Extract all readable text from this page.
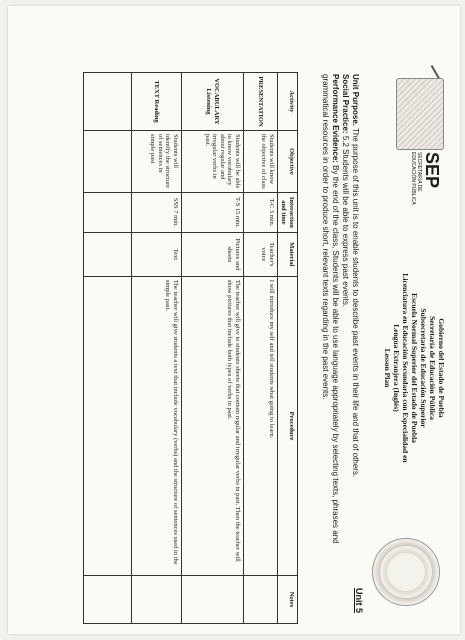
SEP
SECRETARÍA DE EDUCACIÓN PÚBLICA
Gobierno del Estado de Puebla
Secretaría de Educación Pública
Subsecretaría de Educación Superior
Escuela Normal Superior del Estado de Puebla
Licenciatura en Educación Secundaria con Especialidad en
Lengua Extranjera (Inglés)
Lesson Plan
Unit 5
Unit Purpose. The purpose of this unit is to enable students to describe past events in their life and that of others.
Social Practice: 5.2 Students will be able to express past events.
Performance Evidence: By the end of the class, Students will be able to use language appropriately by selecting texts, phrases and grammatical resources in order to produce short, relevant texts regarding in the past events.
Activity	Objective	Interaction and time	Material	Procedure	Notes
PRESENTATION	Students will know the objective of class	T-C 3 min.	Teacher's voice	I will introduce my self and tell students what going to learn.	
VOCABULARY Listening	Students will be able to know vocabulary about regular and irregular verbs in past.	T-S 15 min.	Pictures and sheets	The teacher will give to students sheets that contain regular and irregular verbs in past. Then the teacher will show pictures that include both types of verbs in past.	
TEXT Reading	Students will identify the structure of sentences in simple past	SSS 7 min.	Text	The teacher will give students a text that include vocabulary (verbs) and the structure of sentences used in the simple past.	
